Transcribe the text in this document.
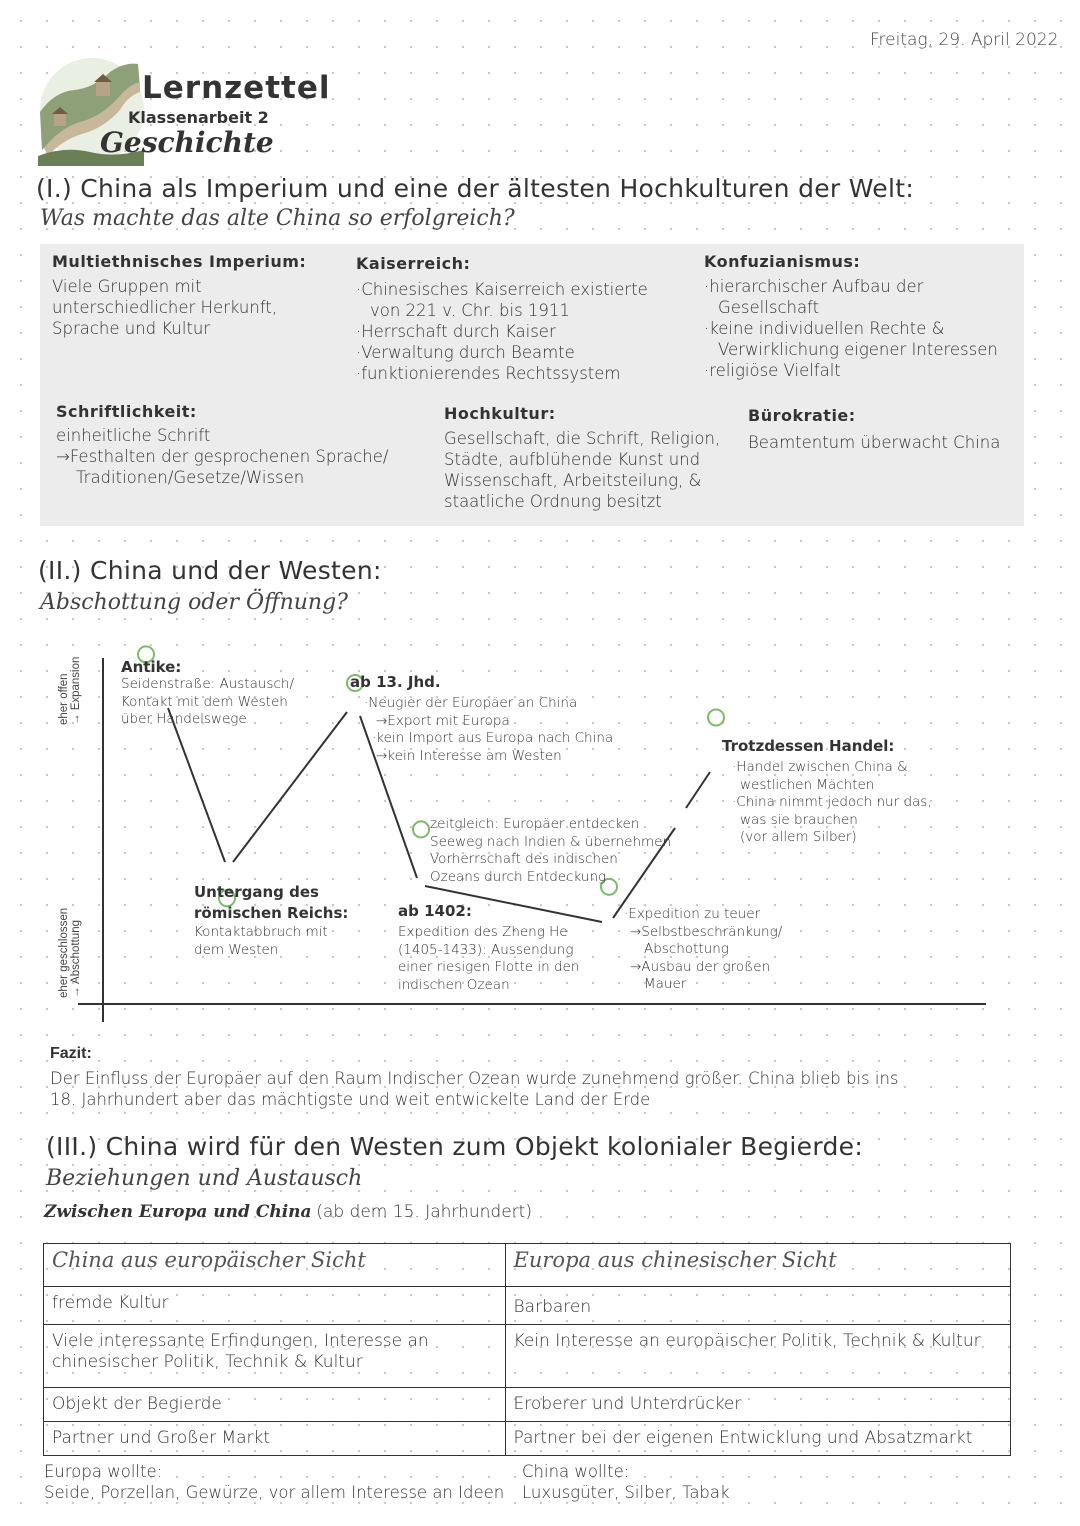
Freitag, 29. April 2022
Lernzettel
Klassenarbeit 2
Geschichte
(I.) China als Imperium und eine der ältesten Hochkulturen der Welt:
Was machte das alte China so erfolgreich?
Multiethnisches Imperium:
Viele Gruppen mit
unterschiedlicher Herkunft,
Sprache und Kultur
Kaiserreich:
·Chinesisches Kaiserreich existierte
von 221 v. Chr. bis 1911
·Herrschaft durch Kaiser
·Verwaltung durch Beamte
·funktionierendes Rechtssystem
Konfuzianismus:
·hierarchischer Aufbau der
Gesellschaft
·keine individuellen Rechte &
Verwirklichung eigener Interessen
·religiöse Vielfalt
Schriftlichkeit:
einheitliche Schrift
→Festhalten der gesprochenen Sprache/
Traditionen/Gesetze/Wissen
Hochkultur:
Gesellschaft, die Schrift, Religion,
Städte, aufblühende Kunst und
Wissenschaft, Arbeitsteilung, &
staatliche Ordnung besitzt
Bürokratie:
Beamtentum überwacht China
(II.) China und der Westen:
Abschottung oder Öffnung?
eher offen → Expansion
eher geschlossen → Abschottung
Antike:
Seidenstraße: Austausch/
Kontakt mit dem Westen
über Handelswege
Untergang des römischen Reichs:
Kontaktabbruch mit
dem Westen
ab 13. Jhd.
·Neugier der Europäer an China
→Export mit Europa
·kein Import aus Europa nach China
→kein Interesse am Westen
zeitgleich: Europäer entdecken
Seeweg nach Indien & übernehmen
Vorherrschaft des indischen
Ozeans durch Entdeckung
ab 1402:
Expedition des Zheng He
(1405-1433): Aussendung
einer riesigen Flotte in den
indischen Ozean
·Expedition zu teuer
→Selbstbeschränkung/
Abschottung
→Ausbau der großen
Mauer
Trotzdessen Handel:
·Handel zwischen China &
westlichen Mächten
·China nimmt jedoch nur das,
was sie brauchen
(vor allem Silber)
Fazit:
Der Einfluss der Europäer auf den Raum Indischer Ozean wurde zunehmend größer. China blieb bis ins
18. Jahrhundert aber das mächtigste und weit entwickelte Land der Erde
(III.) China wird für den Westen zum Objekt kolonialer Begierde:
Beziehungen und Austausch
Zwischen Europa und China (ab dem 15. Jahrhundert)
China aus europäischer Sicht	Europa aus chinesischer Sicht
fremde Kultur	Barbaren
Viele interessante Erfindungen, Interesse an chinesischer Politik, Technik & Kultur	Kein Interesse an europäischer Politik, Technik & Kultur
Objekt der Begierde	Eroberer und Unterdrücker
Partner und Großer Markt	Partner bei der eigenen Entwicklung und Absatzmarkt
Europa wollte:
Seide, Porzellan, Gewürze, vor allem Interesse an Ideen
China wollte:
Luxusgüter, Silber, Tabak
